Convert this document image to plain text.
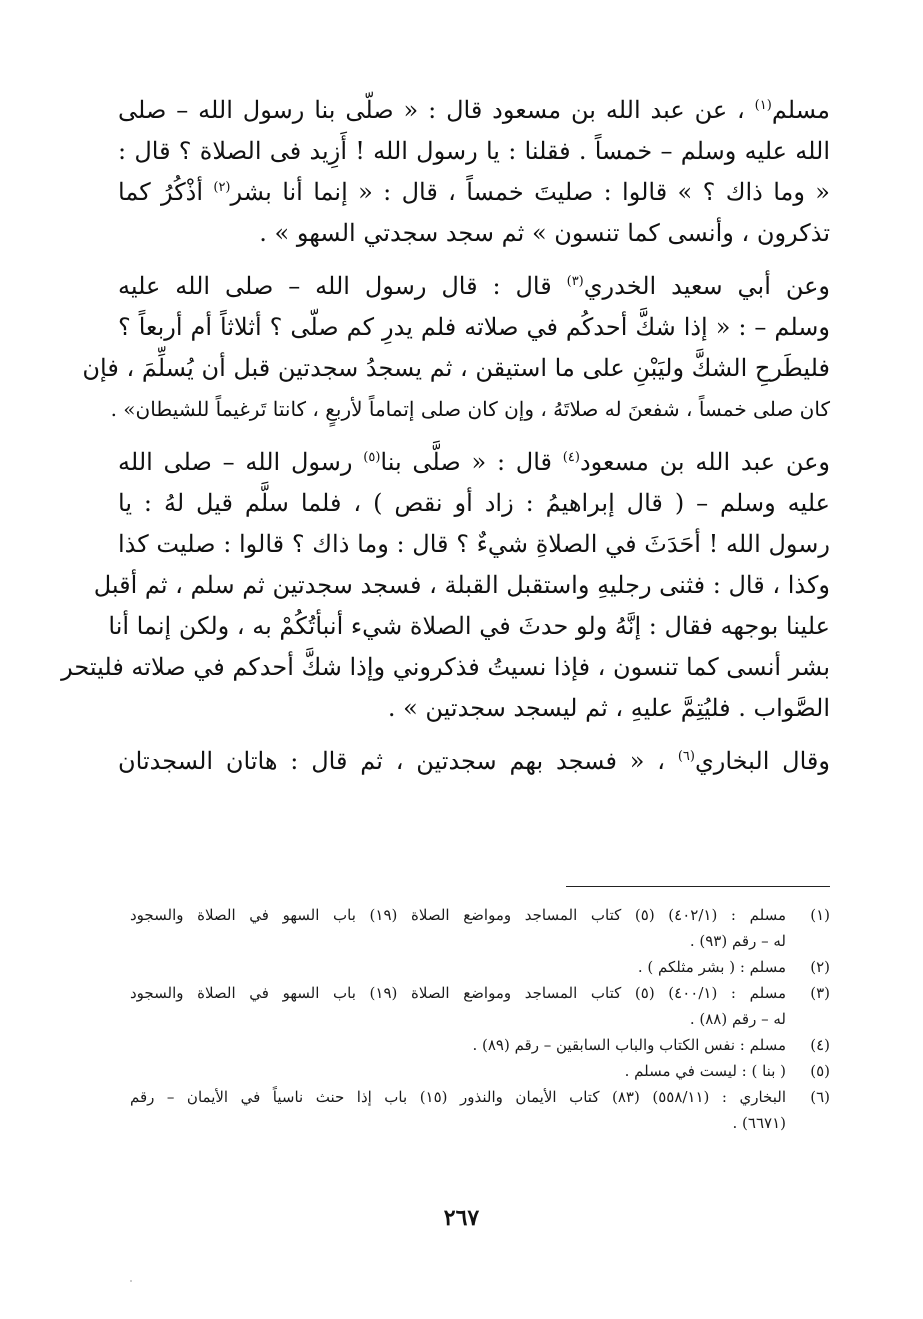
مسلم$^{(١)}$ ، عن عبد الله بن مسعود قال : « صلّى بنا رسول الله – صلى
الله عليه وسلم – خمساً . فقلنا : يا رسول الله ! أَزِيد فى الصلاة ؟ قال :
« وما ذاك ؟ » قالوا : صليتَ خمساً ، قال : « إنما أنا بشر$^{(٢)}$ أذْكُرُ كما
تذكرون ، وأنسى كما تنسون » ثم سجد سجدتي السهو » .
وعن أبي سعيد الخدري$^{(٣)}$ قال : قال رسول الله – صلى الله عليه
وسلم – : « إذا شكَّ أحدكُم في صلاته فلم يدرِ كم صلّى ؟ أثلاثاً أم أربعاً ؟
فليطَرحِ الشكَّ وليَبْنِ على ما استيقن ، ثم يسجدُ سجدتين قبل أن يُسلِّمَ ، فإن
كان صلى خمساً ، شفعنَ له صلاتَهُ ، وإن كان صلى إتماماً لأربعٍ ، كانتا تَرغيماً للشيطان» .
وعن عبد الله بن مسعود$^{(٤)}$ قال : « صلَّى بنا$^{(٥)}$ رسول الله – صلى الله
عليه وسلم – ( قال إبراهيمُ : زاد أو نقص ) ، فلما سلَّم قيل لهُ : يا
رسول الله ! أحَدَثَ في الصلاةِ شيءٌ ؟ قال : وما ذاك ؟ قالوا : صليت كذا
وكذا ، قال : فثنى رجليهِ واستقبل القبلة ، فسجد سجدتين ثم سلم ، ثم أقبل
علينا بوجهه فقال : إنَّهُ ولو حدثَ في الصلاة شيء أنبأتُكُمْ به ، ولكن إنما أنا
بشر أنسى كما تنسون ، فإذا نسيتُ فذكروني وإذا شكَّ أحدكم في صلاته فليتحر
الصَّواب . فليُتِمَّ عليهِ ، ثم ليسجد سجدتين » .
وقال البخاري$^{(٦)}$ ، « فسجد بهم سجدتين ، ثم قال : هاتان السجدتان
(١)
مسلم : (٤٠٢/١) (٥) كتاب المساجد ومواضع الصلاة (١٩) باب السهو في الصلاة والسجود
له – رقم (٩٣) .
(٢)
مسلم : ( بشر مثلكم ) .
(٣)
مسلم : (٤٠٠/١) (٥) كتاب المساجد ومواضع الصلاة (١٩) باب السهو في الصلاة والسجود
له – رقم (٨٨) .
(٤)
مسلم : نفس الكتاب والباب السابقين – رقم (٨٩) .
(٥)
( بنا ) : ليست في مسلم .
(٦)
البخاري : (٥٥٨/١١) (٨٣) كتاب الأيمان والنذور (١٥) باب إذا حنث ناسياً في الأيمان – رقم
(٦٦٧١) .
٢٦٧
